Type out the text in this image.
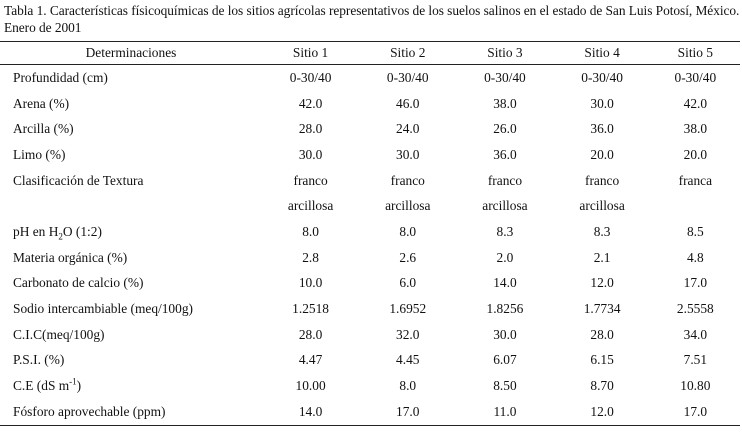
Tabla 1. Características físicoquímicas de los sitios agrícolas representativos de los suelos salinos en el estado de San Luis Potosí, México. Enero de 2001
Determinaciones	Sitio 1	Sitio 2	Sitio 3	Sitio 4	Sitio 5
Profundidad (cm)	0-30/40	0-30/40	0-30/40	0-30/40	0-30/40
Arena (%)	42.0	46.0	38.0	30.0	42.0
Arcilla (%)	28.0	24.0	26.0	36.0	38.0
Limo (%)	30.0	30.0	36.0	20.0	20.0
Clasificación de Textura	franco	franco	franco	franco	franca
	arcillosa	arcillosa	arcillosa	arcillosa	
pH en $H_2O$ (1:2)	8.0	8.0	8.3	8.3	8.5
Materia orgánica (%)	2.8	2.6	2.0	2.1	4.8
Carbonato de calcio (%)	10.0	6.0	14.0	12.0	17.0
Sodio intercambiable (meq/100g)	1.2518	1.6952	1.8256	1.7734	2.5558
C.I.C(meq/100g)	28.0	32.0	30.0	28.0	34.0
P.S.I. (%)	4.47	4.45	6.07	6.15	7.51
C.E (dS $m^{-1}$)	10.00	8.0	8.50	8.70	10.80
Fósforo aprovechable (ppm)	14.0	17.0	11.0	12.0	17.0
